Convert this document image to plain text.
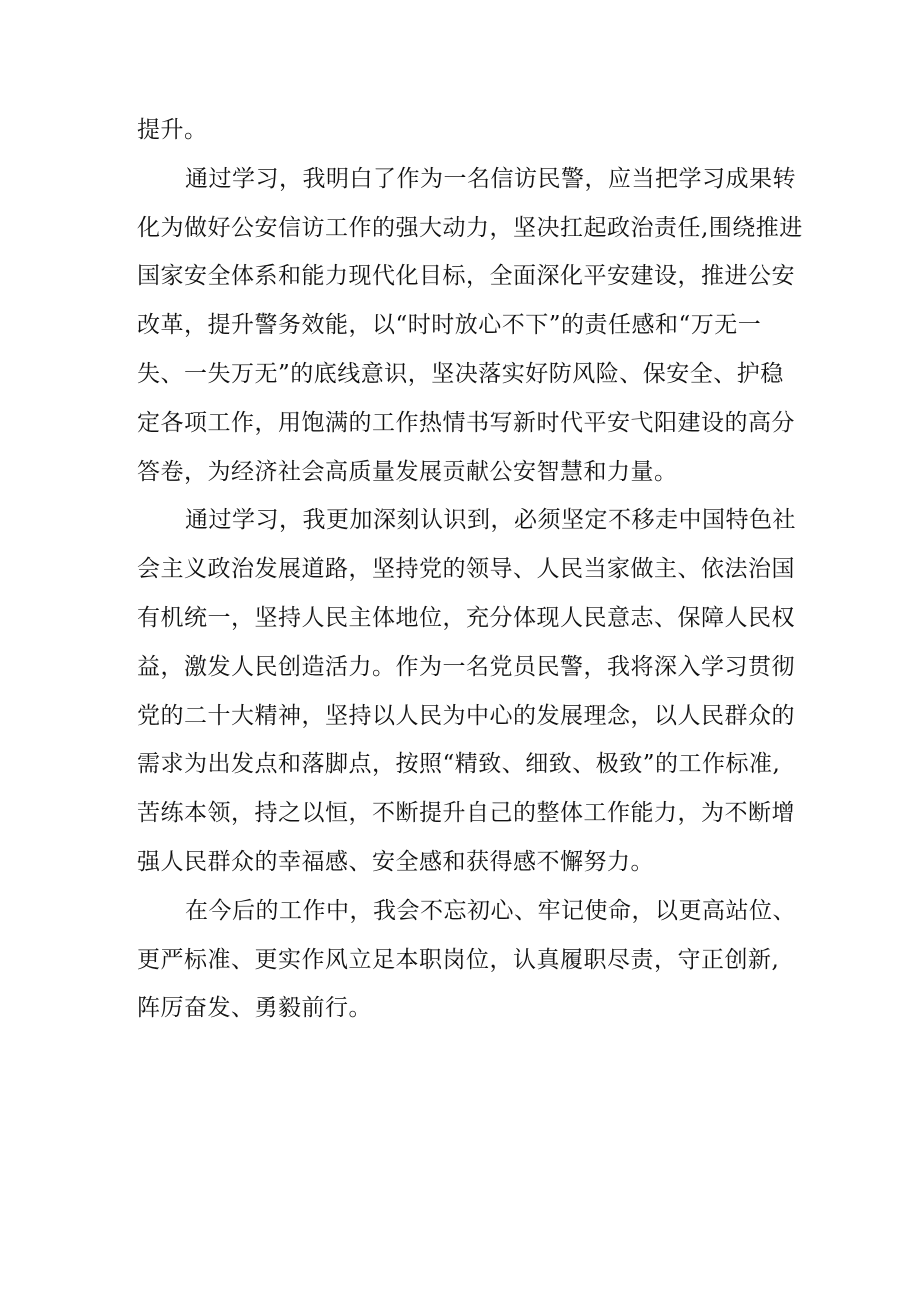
提升。
通过学习，我明白了作为一名信访民警，应当把学习成果转
化为做好公安信访工作的强大动力，坚决扛起政治责任,围绕推进
国家安全体系和能力现代化目标，全面深化平安建设，推进公安
改革，提升警务效能，以“时时放心不下”的责任感和“万无一
失、一失万无”的底线意识，坚决落实好防风险、保安全、护稳
定各项工作，用饱满的工作热情书写新时代平安弋阳建设的高分
答卷，为经济社会高质量发展贡献公安智慧和力量。
通过学习，我更加深刻认识到，必须坚定不移走中国特色社
会主义政治发展道路，坚持党的领导、人民当家做主、依法治国
有机统一，坚持人民主体地位，充分体现人民意志、保障人民权
益，激发人民创造活力。作为一名党员民警，我将深入学习贯彻
党的二十大精神，坚持以人民为中心的发展理念，以人民群众的
需求为出发点和落脚点，按照“精致、细致、极致”的工作标准,
苦练本领，持之以恒，不断提升自己的整体工作能力，为不断增
强人民群众的幸福感、安全感和获得感不懈努力。
在今后的工作中，我会不忘初心、牢记使命，以更高站位、
更严标准、更实作风立足本职岗位，认真履职尽责，守正创新,
阵厉奋发、勇毅前行。
